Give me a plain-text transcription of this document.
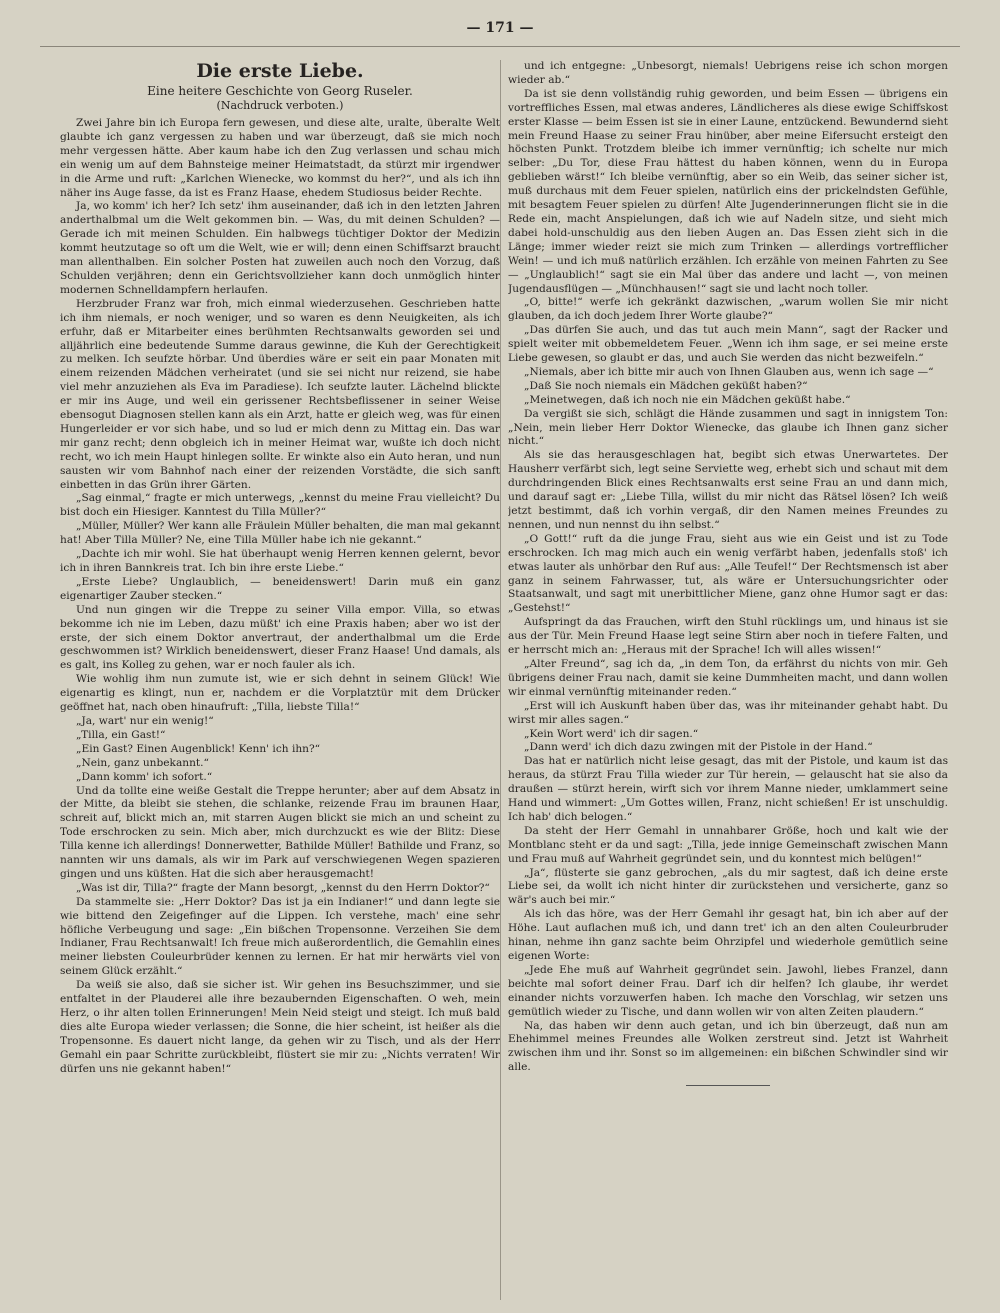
— 171 —
Die erste Liebe.
Eine heitere Geschichte von Georg Ruseler.
(Nachdruck verboten.)

Zwei Jahre bin ich Europa fern gewesen, und diese alte, uralte, überalte Welt glaubte ich ganz vergessen zu haben und war überzeugt, daß sie mich noch mehr vergessen hätte. Aber kaum habe ich den Zug verlassen und schau mich ein wenig um auf dem Bahnsteige meiner Heimatstadt, da stürzt mir irgendwer in die Arme und ruft: „Karlchen Wienecke, wo kommst du her?“, und als ich ihn näher ins Auge fasse, da ist es Franz Haase, ehedem Studiosus beider Rechte.

Ja, wo komm' ich her? Ich setz' ihm auseinander, daß ich in den letzten Jahren anderthalbmal um die Welt gekommen bin. — Was, du mit deinen Schulden? — Gerade ich mit meinen Schulden. Ein halbwegs tüchtiger Doktor der Medizin kommt heutzutage so oft um die Welt, wie er will; denn einen Schiffsarzt braucht man allenthalben. Ein solcher Posten hat zuweilen auch noch den Vorzug, daß Schulden verjähren; denn ein Gerichtsvollzieher kann doch unmöglich hinter modernen Schnelldampfern herlaufen.

Herzbruder Franz war froh, mich einmal wiederzusehen. Geschrieben hatte ich ihm niemals, er noch weniger, und so waren es denn Neuigkeiten, als ich erfuhr, daß er Mitarbeiter eines berühmten Rechtsanwalts geworden sei und alljährlich eine bedeutende Summe daraus gewinne, die Kuh der Gerechtigkeit zu melken. Ich seufzte hörbar. Und überdies wäre er seit ein paar Monaten mit einem reizenden Mädchen verheiratet (und sie sei nicht nur reizend, sie habe viel mehr anzuziehen als Eva im Paradiese). Ich seufzte lauter. Lächelnd blickte er mir ins Auge, und weil ein gerissener Rechtsbeflissener in seiner Weise ebensogut Diagnosen stellen kann als ein Arzt, hatte er gleich weg, was für einen Hungerleider er vor sich habe, und so lud er mich denn zu Mittag ein. Das war mir ganz recht; denn obgleich ich in meiner Heimat war, wußte ich doch nicht recht, wo ich mein Haupt hinlegen sollte. Er winkte also ein Auto heran, und nun sausten wir vom Bahnhof nach einer der reizenden Vorstädte, die sich sanft einbetten in das Grün ihrer Gärten.

„Sag einmal,“ fragte er mich unterwegs, „kennst du meine Frau vielleicht? Du bist doch ein Hiesiger. Kanntest du Tilla Müller?“

„Müller, Müller? Wer kann alle Fräulein Müller behalten, die man mal gekannt hat! Aber Tilla Müller? Ne, eine Tilla Müller habe ich nie gekannt.“

„Dachte ich mir wohl. Sie hat überhaupt wenig Herren kennen gelernt, bevor ich in ihren Bannkreis trat. Ich bin ihre erste Liebe.“

„Erste Liebe? Unglaublich, — beneidenswert! Darin muß ein ganz eigenartiger Zauber stecken.“

Und nun gingen wir die Treppe zu seiner Villa empor. Villa, so etwas bekomme ich nie im Leben, dazu müßt' ich eine Praxis haben; aber wo ist der erste, der sich einem Doktor anvertraut, der anderthalbmal um die Erde geschwommen ist? Wirklich beneidenswert, dieser Franz Haase! Und damals, als es galt, ins Kolleg zu gehen, war er noch fauler als ich.

Wie wohlig ihm nun zumute ist, wie er sich dehnt in seinem Glück! Wie eigenartig es klingt, nun er, nachdem er die Vorplatztür mit dem Drücker geöffnet hat, nach oben hinaufruft: „Tilla, liebste Tilla!“

„Ja, wart' nur ein wenig!“

„Tilla, ein Gast!“

„Ein Gast? Einen Augenblick! Kenn' ich ihn?“

„Nein, ganz unbekannt.“

„Dann komm' ich sofort.“

Und da tollte eine weiße Gestalt die Treppe herunter; aber auf dem Absatz in der Mitte, da bleibt sie stehen, die schlanke, reizende Frau im braunen Haar, schreit auf, blickt mich an, mit starren Augen blickt sie mich an und scheint zu Tode erschrocken zu sein. Mich aber, mich durchzuckt es wie der Blitz: Diese Tilla kenne ich allerdings! Donnerwetter, Bathilde Müller! Bathilde und Franz, so nannten wir uns damals, als wir im Park auf verschwiegenen Wegen spazieren gingen und uns küßten. Hat die sich aber herausgemacht!

„Was ist dir, Tilla?“ fragte der Mann besorgt, „kennst du den Herrn Doktor?“

Da stammelte sie: „Herr Doktor? Das ist ja ein Indianer!“ und dann legte sie wie bittend den Zeigefinger auf die Lippen. Ich verstehe, mach' eine sehr höfliche Verbeugung und sage: „Ein bißchen Tropensonne. Verzeihen Sie dem Indianer, Frau Rechtsanwalt! Ich freue mich außerordentlich, die Gemahlin eines meiner liebsten Couleurbrüder kennen zu lernen. Er hat mir herwärts viel von seinem Glück erzählt.“

Da weiß sie also, daß sie sicher ist. Wir gehen ins Besuchszimmer, und sie entfaltet in der Plauderei alle ihre bezaubernden Eigenschaften. O weh, mein Herz, o ihr alten tollen Erinnerungen! Mein Neid steigt und steigt. Ich muß bald dies alte Europa wieder verlassen; die Sonne, die hier scheint, ist heißer als die Tropensonne. Es dauert nicht lange, da gehen wir zu Tisch, und als der Herr Gemahl ein paar Schritte zurückbleibt, flüstert sie mir zu: „Nichts verraten! Wir dürfen uns nie gekannt haben!“

und ich entgegne: „Unbesorgt, niemals! Uebrigens reise ich schon morgen wieder ab.“

Da ist sie denn vollständig ruhig geworden, und beim Essen — übrigens ein vortreffliches Essen, mal etwas anderes, Ländlicheres als diese ewige Schiffskost erster Klasse — beim Essen ist sie in einer Laune, entzückend. Bewundernd sieht mein Freund Haase zu seiner Frau hinüber, aber meine Eifersucht ersteigt den höchsten Punkt. Trotzdem bleibe ich immer vernünftig; ich schelte nur mich selber: „Du Tor, diese Frau hättest du haben können, wenn du in Europa geblieben wärst!“ Ich bleibe vernünftig, aber so ein Weib, das seiner sicher ist, muß durchaus mit dem Feuer spielen, natürlich eins der prickelndsten Gefühle, mit besagtem Feuer spielen zu dürfen! Alte Jugenderinnerungen flicht sie in die Rede ein, macht Anspielungen, daß ich wie auf Nadeln sitze, und sieht mich dabei hold-unschuldig aus den lieben Augen an. Das Essen zieht sich in die Länge; immer wieder reizt sie mich zum Trinken — allerdings vortrefflicher Wein! — und ich muß natürlich erzählen. Ich erzähle von meinen Fahrten zu See — „Unglaublich!“ sagt sie ein Mal über das andere und lacht —, von meinen Jugendausflügen — „Münchhausen!“ sagt sie und lacht noch toller.

„O, bitte!“ werfe ich gekränkt dazwischen, „warum wollen Sie mir nicht glauben, da ich doch jedem Ihrer Worte glaube?“

„Das dürfen Sie auch, und das tut auch mein Mann“, sagt der Racker und spielt weiter mit obbemeldetem Feuer. „Wenn ich ihm sage, er sei meine erste Liebe gewesen, so glaubt er das, und auch Sie werden das nicht bezweifeln.“

„Niemals, aber ich bitte mir auch von Ihnen Glauben aus, wenn ich sage —“

„Daß Sie noch niemals ein Mädchen geküßt haben?“

„Meinetwegen, daß ich noch nie ein Mädchen geküßt habe.“

Da vergißt sie sich, schlägt die Hände zusammen und sagt in innigstem Ton: „Nein, mein lieber Herr Doktor Wienecke, das glaube ich Ihnen ganz sicher nicht.“

Als sie das herausgeschlagen hat, begibt sich etwas Unerwartetes. Der Hausherr verfärbt sich, legt seine Serviette weg, erhebt sich und schaut mit dem durchdringenden Blick eines Rechtsanwalts erst seine Frau an und dann mich, und darauf sagt er: „Liebe Tilla, willst du mir nicht das Rätsel lösen? Ich weiß jetzt bestimmt, daß ich vorhin vergaß, dir den Namen meines Freundes zu nennen, und nun nennst du ihn selbst.“

„O Gott!“ ruft da die junge Frau, sieht aus wie ein Geist und ist zu Tode erschrocken. Ich mag mich auch ein wenig verfärbt haben, jedenfalls stoß' ich etwas lauter als unhörbar den Ruf aus: „Alle Teufel!“ Der Rechtsmensch ist aber ganz in seinem Fahrwasser, tut, als wäre er Untersuchungsrichter oder Staatsanwalt, und sagt mit unerbittlicher Miene, ganz ohne Humor sagt er das: „Gestehst!“

Aufspringt da das Frauchen, wirft den Stuhl rücklings um, und hinaus ist sie aus der Tür. Mein Freund Haase legt seine Stirn aber noch in tiefere Falten, und er herrscht mich an: „Heraus mit der Sprache! Ich will alles wissen!“

„Alter Freund“, sag ich da, „in dem Ton, da erfährst du nichts von mir. Geh übrigens deiner Frau nach, damit sie keine Dummheiten macht, und dann wollen wir einmal vernünftig miteinander reden.“

„Erst will ich Auskunft haben über das, was ihr miteinander gehabt habt. Du wirst mir alles sagen.“

„Kein Wort werd' ich dir sagen.“

„Dann werd' ich dich dazu zwingen mit der Pistole in der Hand.“

Das hat er natürlich nicht leise gesagt, das mit der Pistole, und kaum ist das heraus, da stürzt Frau Tilla wieder zur Tür herein, — gelauscht hat sie also da draußen — stürzt herein, wirft sich vor ihrem Manne nieder, umklammert seine Hand und wimmert: „Um Gottes willen, Franz, nicht schießen! Er ist unschuldig. Ich hab' dich belogen.“

Da steht der Herr Gemahl in unnahbarer Größe, hoch und kalt wie der Montblanc steht er da und sagt: „Tilla, jede innige Gemeinschaft zwischen Mann und Frau muß auf Wahrheit gegründet sein, und du konntest mich belügen!“

„Ja“, flüsterte sie ganz gebrochen, „als du mir sagtest, daß ich deine erste Liebe sei, da wollt ich nicht hinter dir zurückstehen und versicherte, ganz so wär's auch bei mir.“

Als ich das höre, was der Herr Gemahl ihr gesagt hat, bin ich aber auf der Höhe. Laut auflachen muß ich, und dann tret' ich an den alten Couleurbruder hinan, nehme ihn ganz sachte beim Ohrzipfel und wiederhole gemütlich seine eigenen Worte:

„Jede Ehe muß auf Wahrheit gegründet sein. Jawohl, liebes Franzel, dann beichte mal sofort deiner Frau. Darf ich dir helfen? Ich glaube, ihr werdet einander nichts vorzuwerfen haben. Ich mache den Vorschlag, wir setzen uns gemütlich wieder zu Tische, und dann wollen wir von alten Zeiten plaudern.“

Na, das haben wir denn auch getan, und ich bin überzeugt, daß nun am Ehehimmel meines Freundes alle Wolken zerstreut sind. Jetzt ist Wahrheit zwischen ihm und ihr. Sonst so im allgemeinen: ein bißchen Schwindler sind wir alle.
